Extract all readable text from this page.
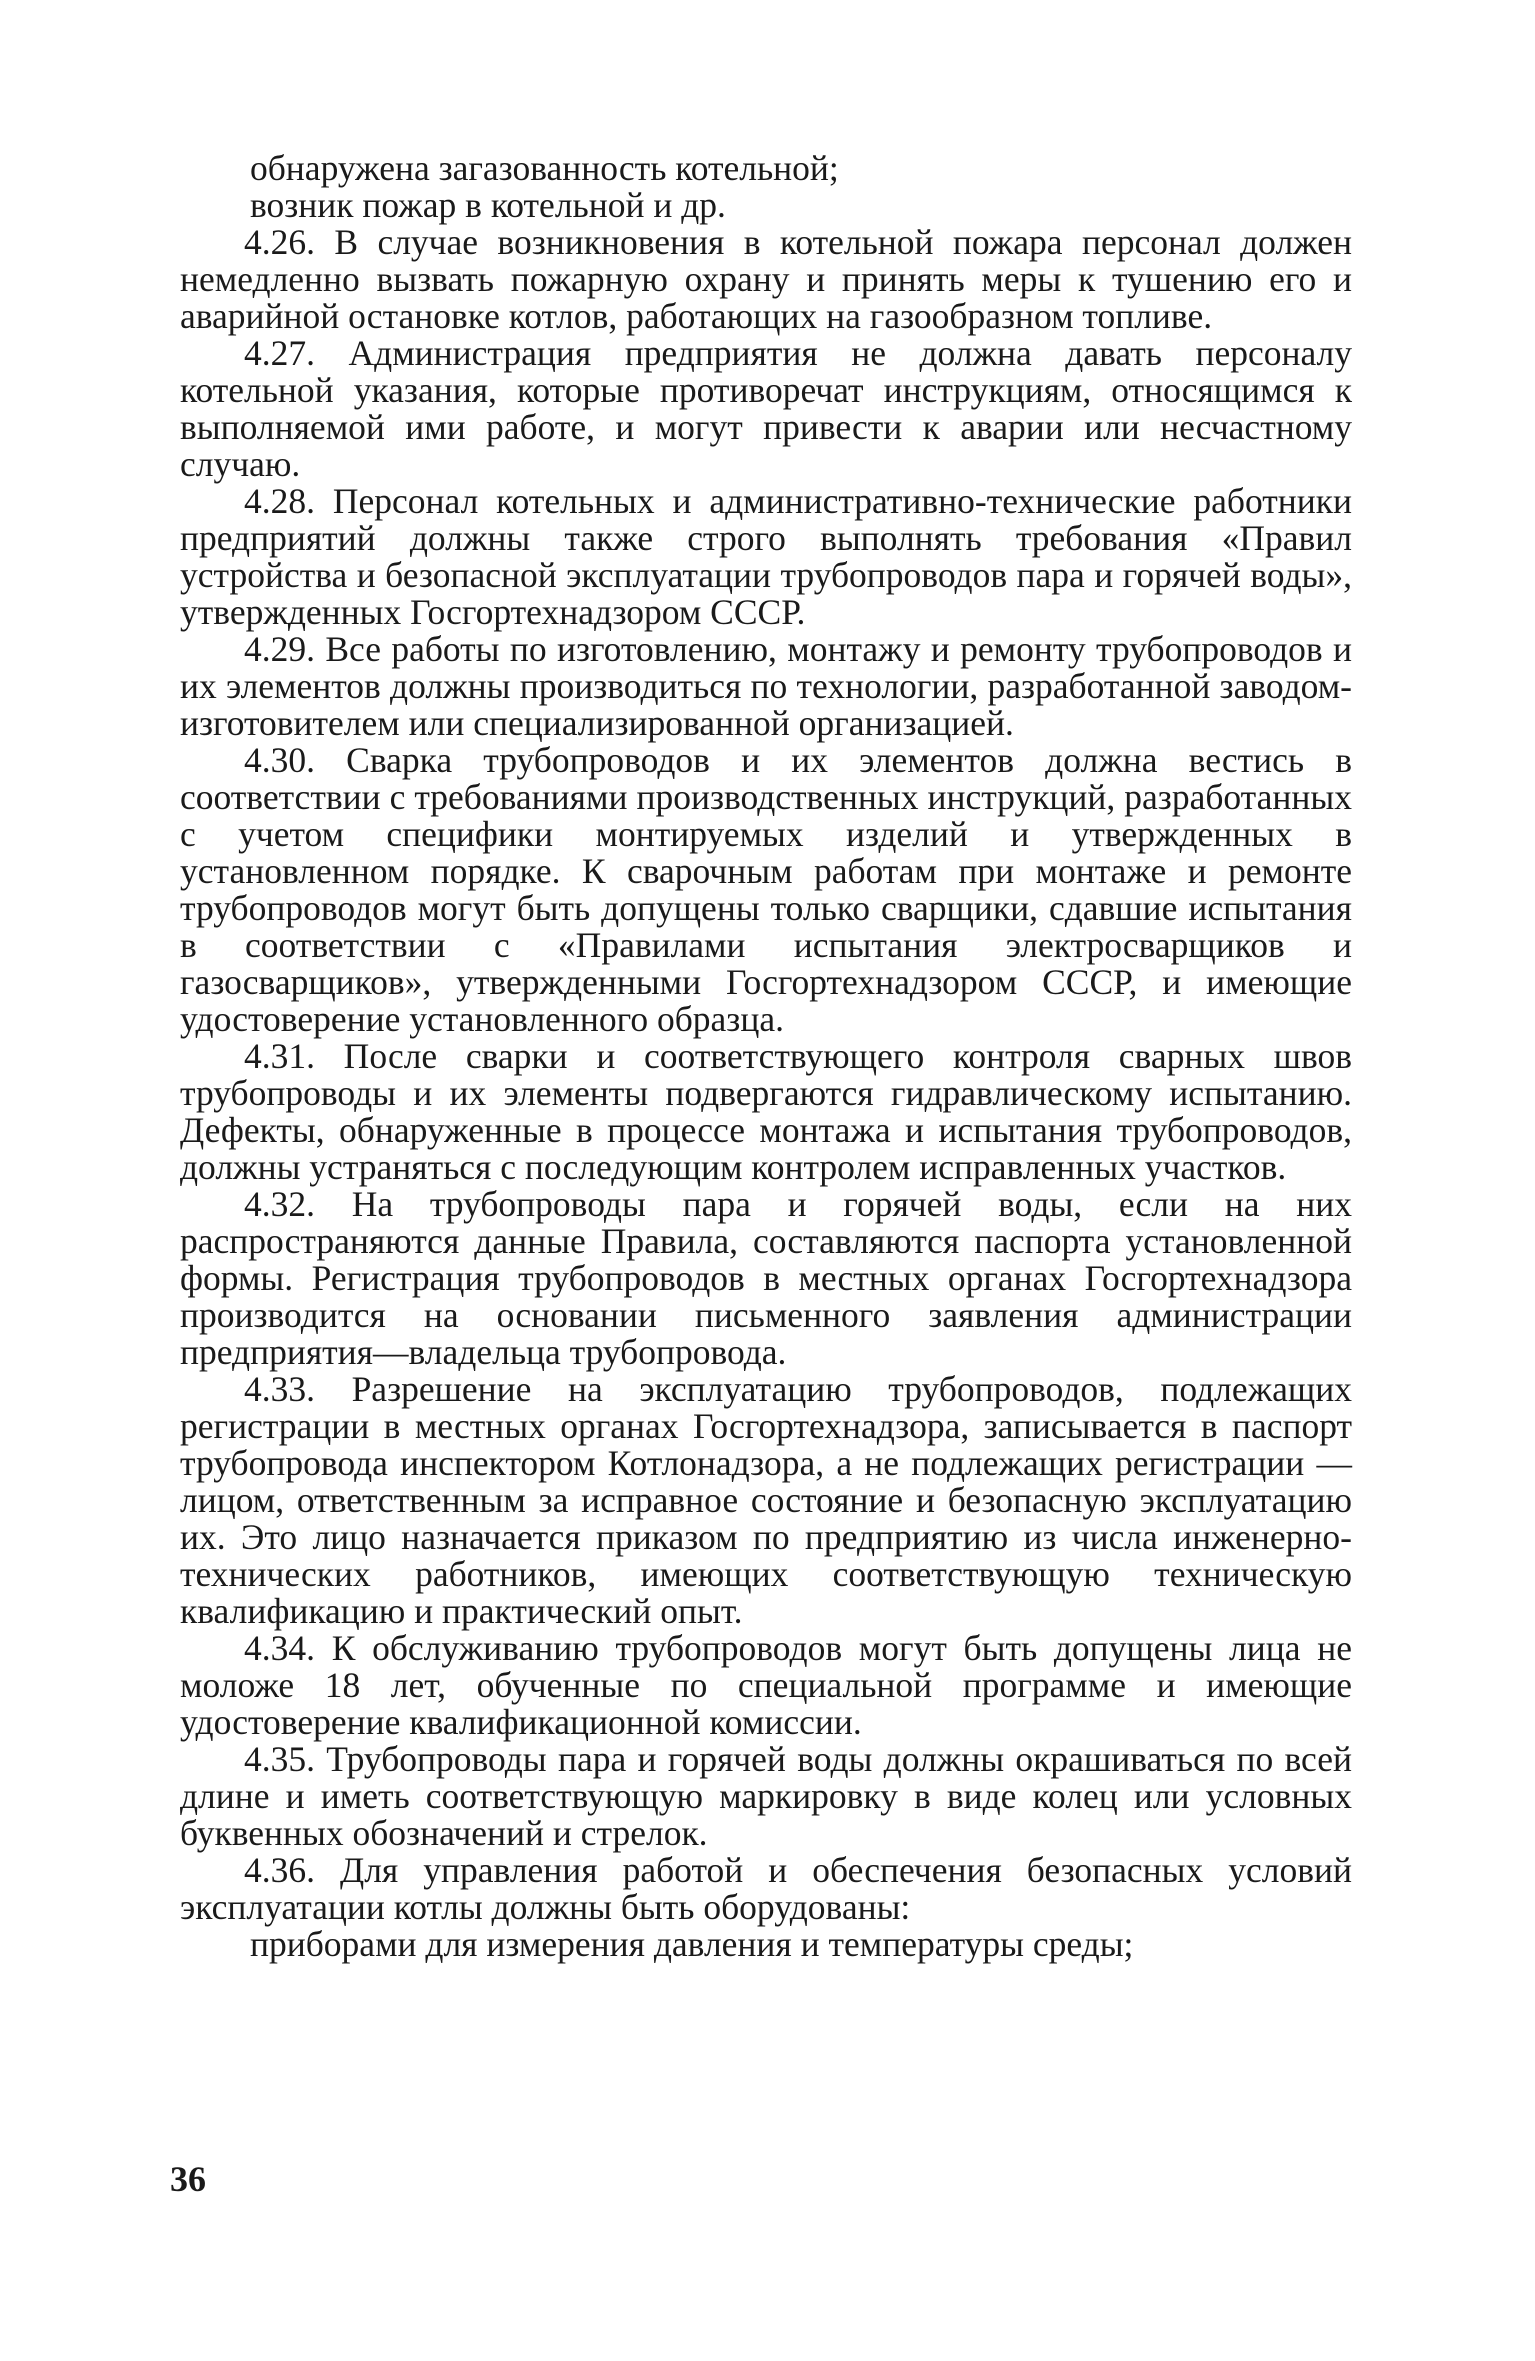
обнаружена загазованность котельной;

возник пожар в котельной и др.

4.26. В случае возникновения в котельной пожара персонал должен немедленно вызвать пожарную охрану и принять меры к тушению его и аварийной остановке котлов, работающих на газообразном топливе.

4.27. Администрация предприятия не должна давать персоналу котельной указания, которые противоречат инструкциям, относящимся к выполняемой ими работе, и могут привести к аварии или несчастному случаю.

4.28. Персонал котельных и административно-технические работники предприятий должны также строго выполнять требования «Правил устройства и безопасной эксплуатации трубопроводов пара и горячей воды», утвержденных Госгортехнадзором СССР.

4.29. Все работы по изготовлению, монтажу и ремонту трубопроводов и их элементов должны производиться по технологии, разработанной заводом-изготовителем или специализированной организацией.

4.30. Сварка трубопроводов и их элементов должна вестись в соответствии с требованиями производственных инструкций, разработанных с учетом специфики монтируемых изделий и утвержденных в установленном порядке. К сварочным работам при монтаже и ремонте трубопроводов могут быть допущены только сварщики, сдавшие испытания в соответствии с «Правилами испытания электросварщиков и газосварщиков», утвержденными Госгортехнадзором СССР, и имеющие удостоверение установленного образца.

4.31. После сварки и соответствующего контроля сварных швов трубопроводы и их элементы подвергаются гидравлическому испытанию. Дефекты, обнаруженные в процессе монтажа и испытания трубопроводов, должны устраняться с последующим контролем исправленных участков.

4.32. На трубопроводы пара и горячей воды, если на них распространяются данные Правила, составляются паспорта установленной формы. Регистрация трубопроводов в местных органах Госгортехнадзора производится на основании письменного заявления администрации предприятия—владельца трубопровода.

4.33. Разрешение на эксплуатацию трубопроводов, подлежащих регистрации в местных органах Госгортехнадзора, записывается в паспорт трубопровода инспектором Котлонадзора, а не подлежащих регистрации — лицом, ответственным за исправное состояние и безопасную эксплуатацию их. Это лицо назначается приказом по предприятию из числа инженерно-технических работников, имеющих соответствующую техническую квалификацию и практический опыт.

4.34. К обслуживанию трубопроводов могут быть допущены лица не моложе 18 лет, обученные по специальной программе и имеющие удостоверение квалификационной комиссии.

4.35. Трубопроводы пара и горячей воды должны окрашиваться по всей длине и иметь соответствующую маркировку в виде колец или условных буквенных обозначений и стрелок.

4.36. Для управления работой и обеспечения безопасных условий эксплуатации котлы должны быть оборудованы:

приборами для измерения давления и температуры среды;

36
